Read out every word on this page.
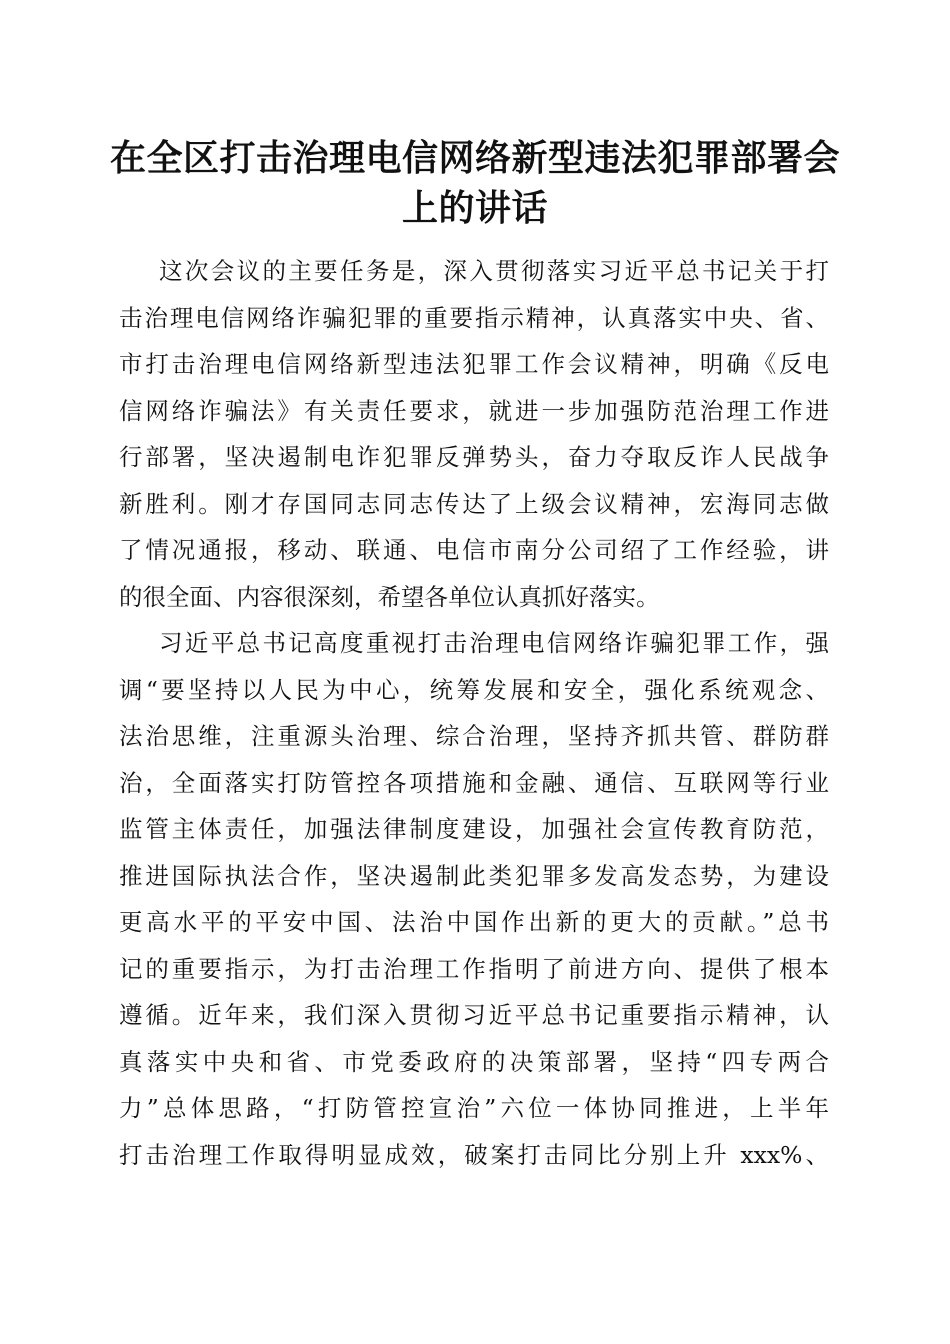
在全区打击治理电信网络新型违法犯罪部署会
上的讲话
这次会议的主要任务是，深入贯彻落实习近平总书记关于打
击治理电信网络诈骗犯罪的重要指示精神，认真落实中央、省、
市打击治理电信网络新型违法犯罪工作会议精神，明确《反电
信网络诈骗法》有关责任要求，就进一步加强防范治理工作进
行部署，坚决遏制电诈犯罪反弹势头，奋力夺取反诈人民战争
新胜利。刚才存国同志同志传达了上级会议精神，宏海同志做
了情况通报，移动、联通、电信市南分公司绍了工作经验，讲
的很全面、内容很深刻，希望各单位认真抓好落实。
习近平总书记高度重视打击治理电信网络诈骗犯罪工作，强
调“要坚持以人民为中心，统筹发展和安全，强化系统观念、
法治思维，注重源头治理、综合治理，坚持齐抓共管、群防群
治，全面落实打防管控各项措施和金融、通信、互联网等行业
监管主体责任，加强法律制度建设，加强社会宣传教育防范，
推进国际执法合作，坚决遏制此类犯罪多发高发态势，为建设
更高水平的平安中国、法治中国作出新的更大的贡献。”总书
记的重要指示，为打击治理工作指明了前进方向、提供了根本
遵循。近年来，我们深入贯彻习近平总书记重要指示精神，认
真落实中央和省、市党委政府的决策部署，坚持“四专两合
力”总体思路，“打防管控宣治”六位一体协同推进，上半年
打击治理工作取得明显成效，破案打击同比分别上升 xxx%、
